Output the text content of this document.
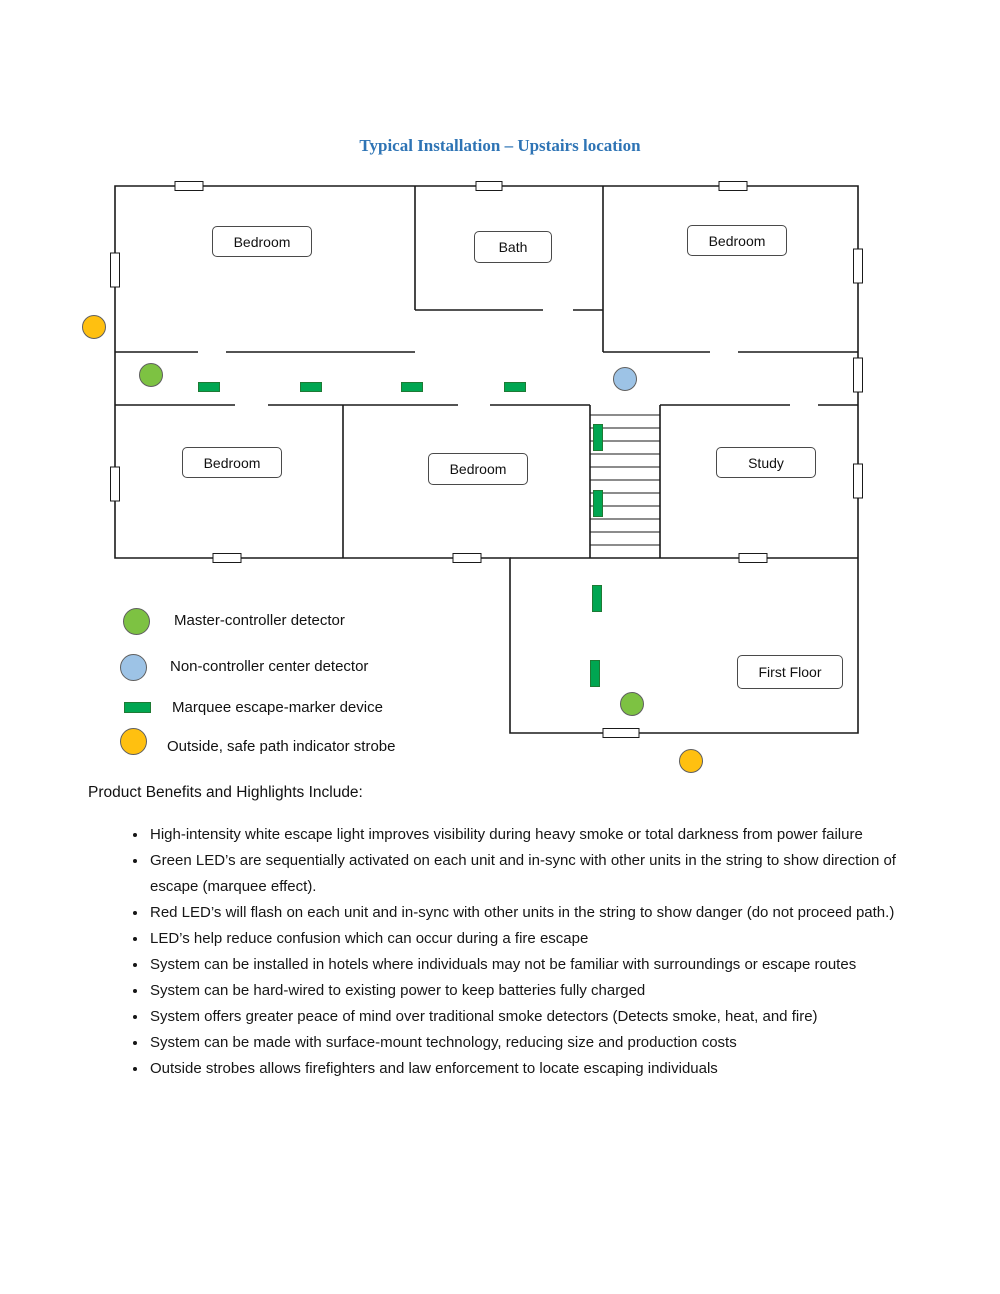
Typical Installation – Upstairs location
Bedroom	Bath	Bedroom
Bedroom	Bedroom	Study
First Floor
Master-controller detector
Non-controller center detector
Marquee escape-marker device
Outside, safe path indicator strobe
Product Benefits and Highlights Include:
• High-intensity white escape light improves visibility during heavy smoke or total darkness from power failure
• Green LED’s are sequentially activated on each unit and in-sync with other units in the string to show direction of escape (marquee effect).
• Red LED’s will flash on each unit and in-sync with other units in the string to show danger (do not proceed path.)
• LED’s help reduce confusion which can occur during a fire escape
• System can be installed in hotels where individuals may not be familiar with surroundings or escape routes
• System can be hard-wired to existing power to keep batteries fully charged
• System offers greater peace of mind over traditional smoke detectors (Detects smoke, heat, and fire)
• System can be made with surface-mount technology, reducing size and production costs
• Outside strobes allows firefighters and law enforcement to locate escaping individuals
